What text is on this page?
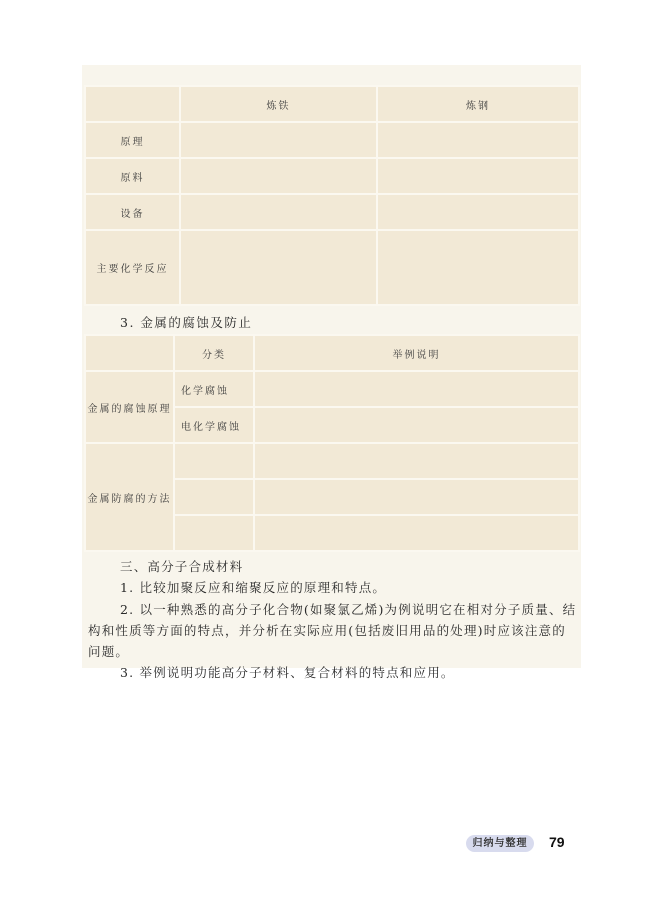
	炼铁	炼钢
原理		
原料		
设备		
主要化学反应		
3. 金属的腐蚀及防止
	分类	举例说明
金属的腐蚀原理	化学腐蚀	
	电化学腐蚀	
金属防腐的方法		

三、高分子合成材料

1. 比较加聚反应和缩聚反应的原理和特点。

2. 以一种熟悉的高分子化合物(如聚氯乙烯)为例说明它在相对分子质量、结构和性质等方面的特点，并分析在实际应用(包括废旧用品的处理)时应该注意的问题。

3. 举例说明功能高分子材料、复合材料的特点和应用。

归纳与整理	79
